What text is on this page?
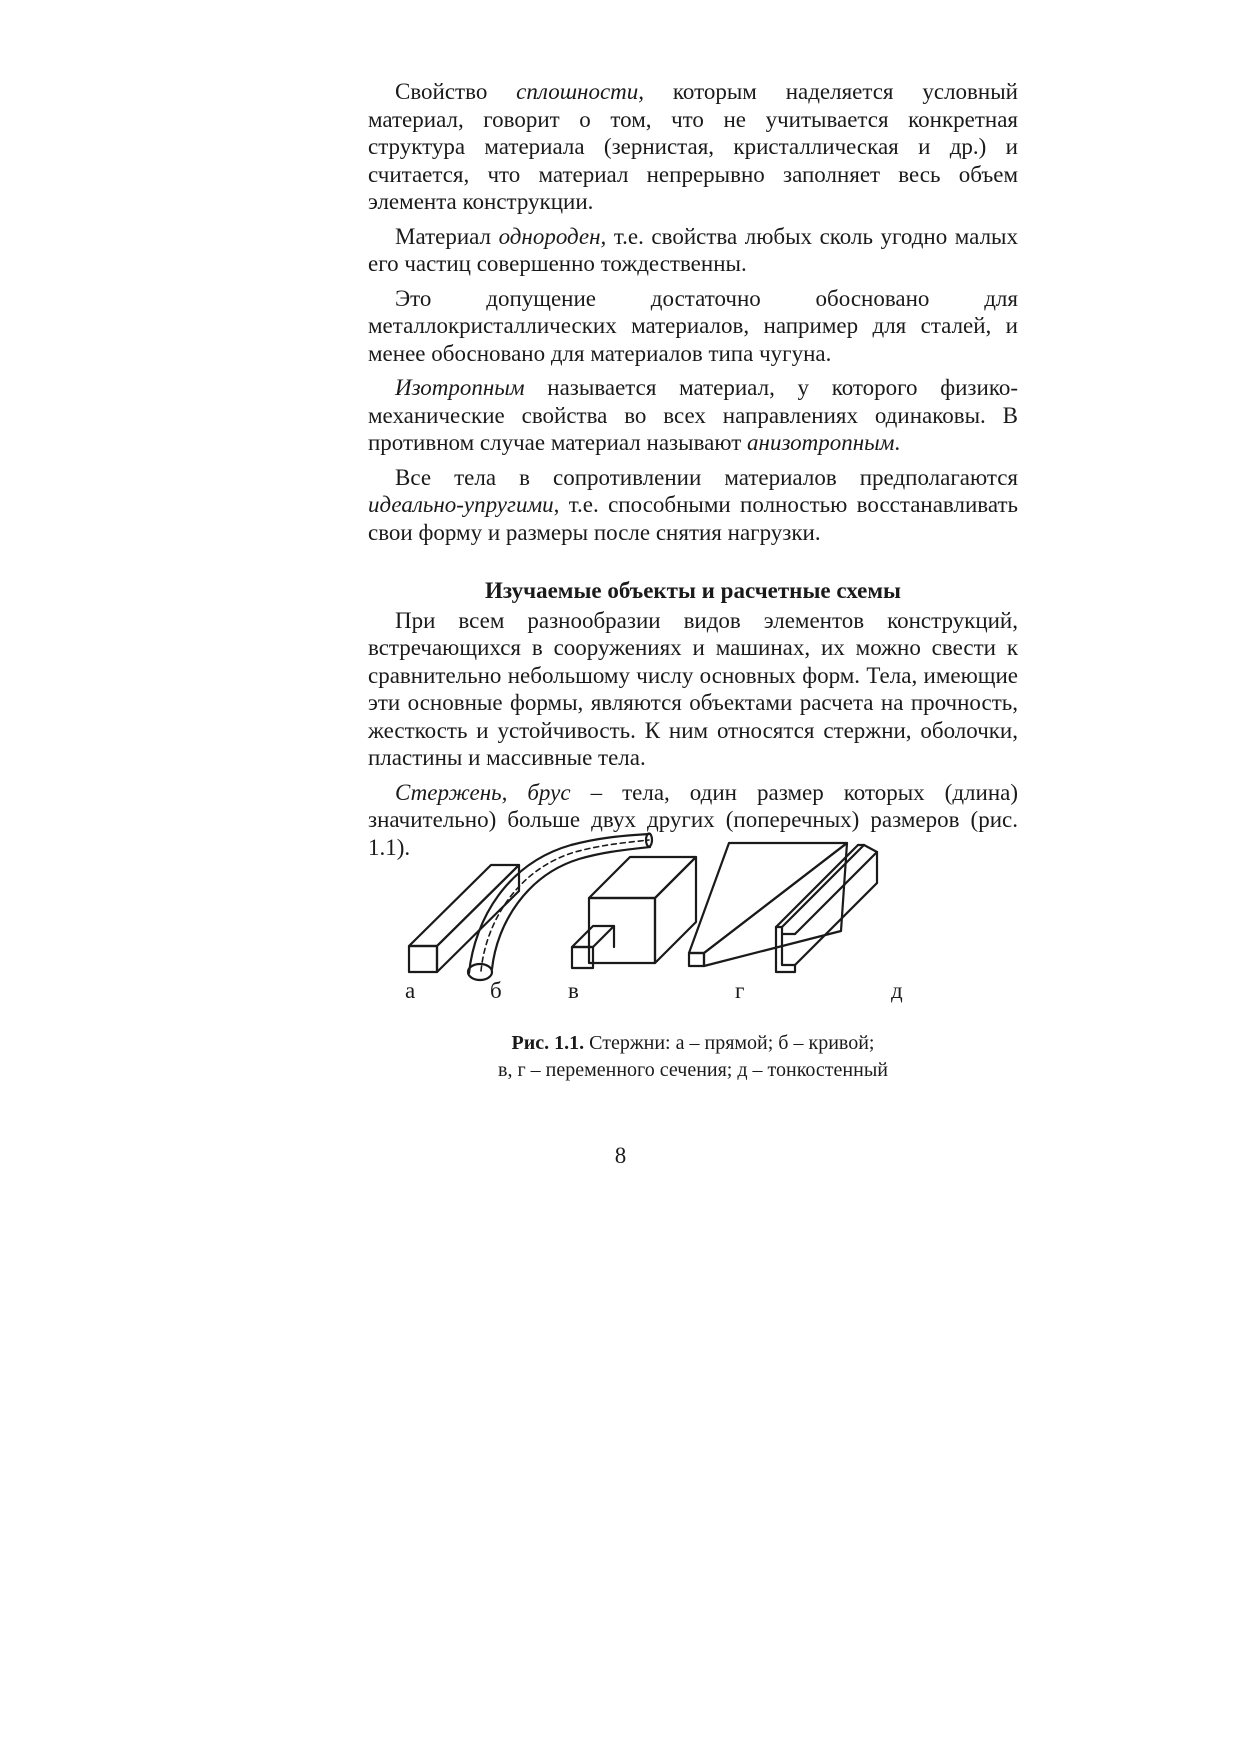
Свойство сплошности, которым наделяется условный материал, говорит о том, что не учитывается конкретная структура материала (зернистая, кристаллическая и др.) и считается, что материал непрерывно заполняет весь объем элемента конструкции.

Материал однороден, т.е. свойства любых сколь угодно малых его частиц совершенно тождественны.

Это допущение достаточно обосновано для металлокристаллических материалов, например для сталей, и менее обосновано для материалов типа чугуна.

Изотропным называется материал, у которого физико-механические свойства во всех направлениях одинаковы. В противном случае материал называют анизотропным.

Все тела в сопротивлении материалов предполагаются идеально-упругими, т.е. способными полностью восстанавливать свои форму и размеры после снятия нагрузки.

Изучаемые объекты и расчетные схемы

При всем разнообразии видов элементов конструкций, встречающихся в сооружениях и машинах, их можно свести к сравнительно небольшому числу основных форм. Тела, имеющие эти основные формы, являются объектами расчета на прочность, жесткость и устойчивость. К ним относятся стержни, оболочки, пластины и массивные тела.

Стержень, брус – тела, один размер которых (длина) значительно) больше двух других (поперечных) размеров (рис. 1.1).

а	б	в	г	д
Рис. 1.1. Стержни: а – прямой; б – кривой;
в, г – переменного сечения; д – тонкостенный
8
